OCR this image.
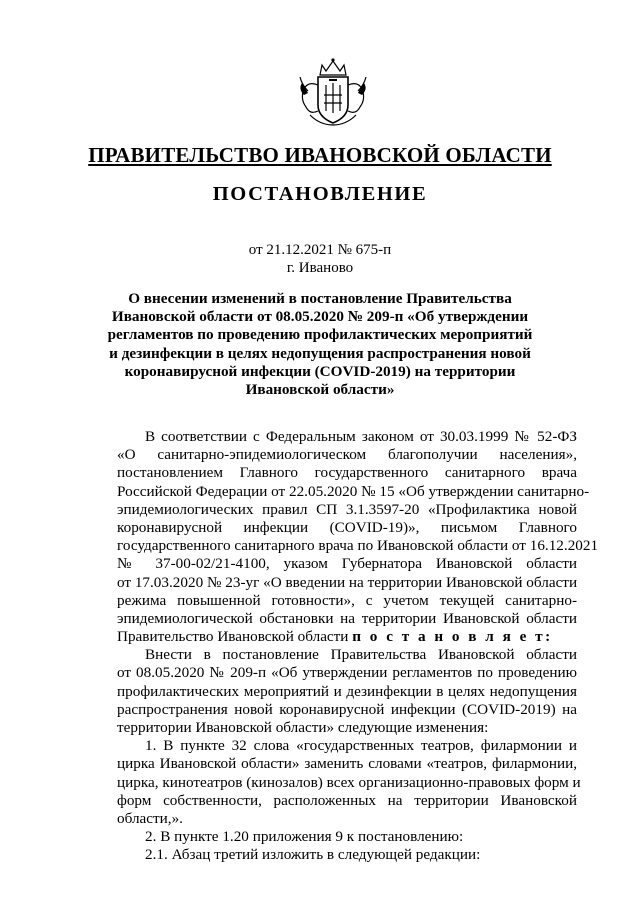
ПРАВИТЕЛЬСТВО ИВАНОВСКОЙ ОБЛАСТИ
ПОСТАНОВЛЕНИЕ
от 21.12.2021 № 675-п
г. Иваново
О внесении изменений в постановление Правительства
Ивановской области от 08.05.2020 № 209-п «Об утверждении
регламентов по проведению профилактических мероприятий
и дезинфекции в целях недопущения распространения новой
коронавирусной инфекции (COVID-2019) на территории
Ивановской области»
В соответствии с Федеральным законом от 30.03.1999 № 52-ФЗ
«О санитарно-эпидемиологическом благополучии населения»,
постановлением Главного государственного санитарного врача
Российской Федерации от 22.05.2020 № 15 «Об утверждении санитарно-
эпидемиологических правил СП 3.1.3597-20 «Профилактика новой
коронавирусной инфекции (COVID-19)», письмом Главного
государственного санитарного врача по Ивановской области от 16.12.2021
№ 37-00-02/21-4100, указом Губернатора Ивановской области
от 17.03.2020 № 23-уг «О введении на территории Ивановской области
режима повышенной готовности», с учетом текущей санитарно-
эпидемиологической обстановки на территории Ивановской области
Правительство Ивановской области п о с т а н о в л я е т:
Внести в постановление Правительства Ивановской области
от 08.05.2020 № 209-п «Об утверждении регламентов по проведению
профилактических мероприятий и дезинфекции в целях недопущения
распространения новой коронавирусной инфекции (COVID-2019) на
территории Ивановской области» следующие изменения:
1. В пункте 32 слова «государственных театров, филармонии и
цирка Ивановской области» заменить словами «театров, филармонии,
цирка, кинотеатров (кинозалов) всех организационно-правовых форм и
форм собственности, расположенных на территории Ивановской
области,».
2. В пункте 1.20 приложения 9 к постановлению:
2.1. Абзац третий изложить в следующей редакции:
